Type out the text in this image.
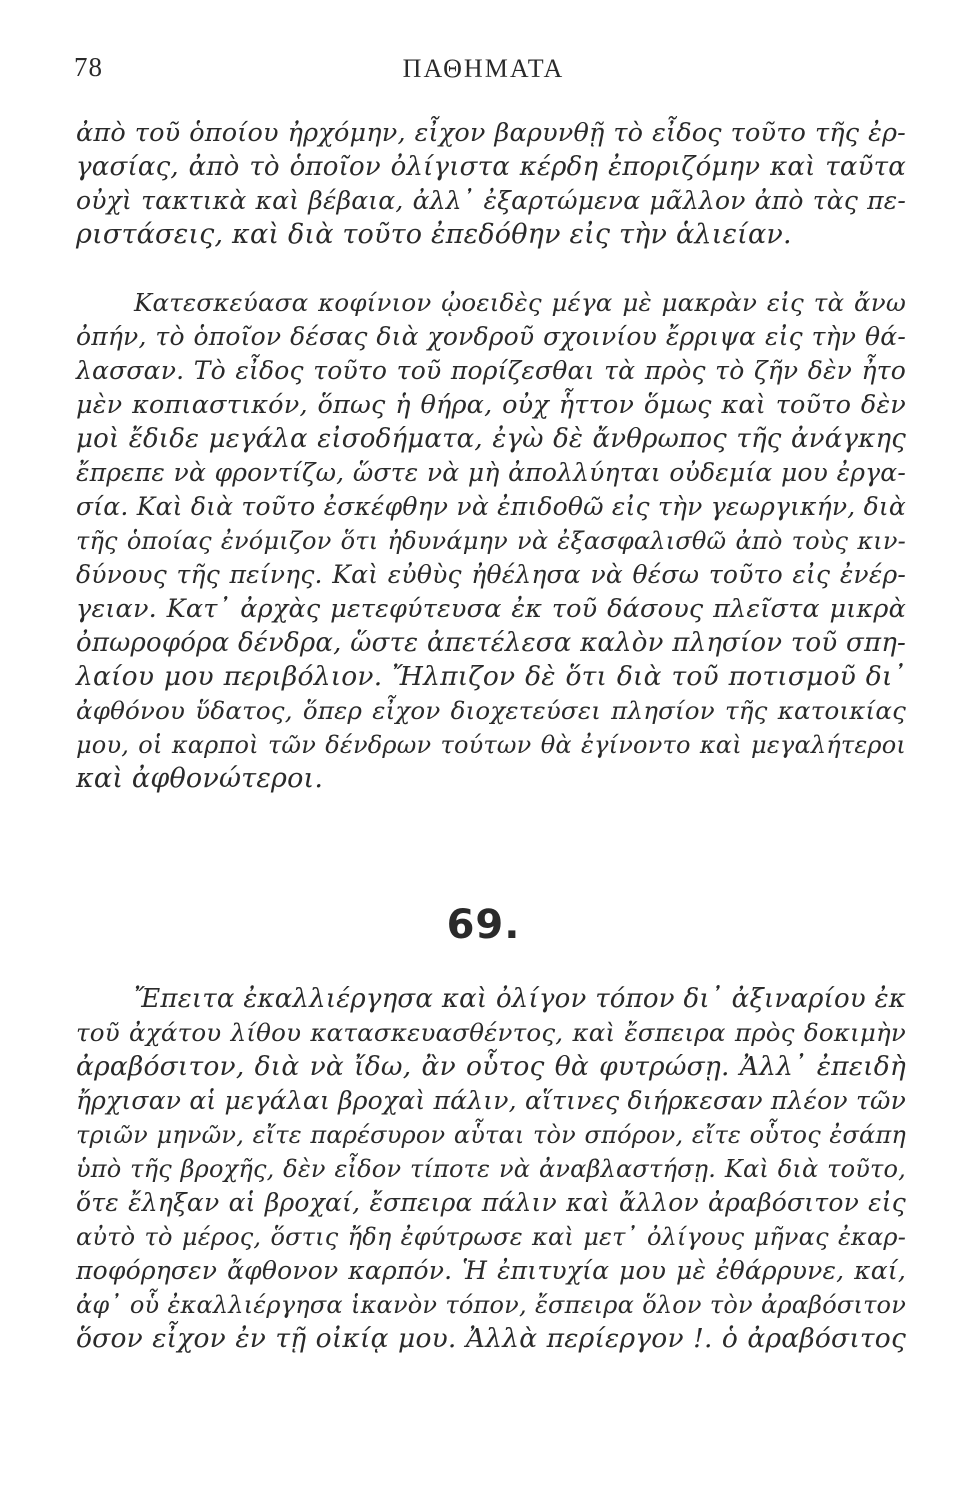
78	ΠΑΘΗΜΑΤΑ
ἀπὸ τοῦ ὁποίου ἠρχόμην, εἶχον βαρυνθῇ τὸ εἶδος τοῦτο τῆς ἐρ-
γασίας, ἀπὸ τὸ ὁποῖον ὀλίγιστα κέρδη ἐποριζόμην καὶ ταῦτα
οὐχὶ τακτικὰ καὶ βέβαια, ἀλλ᾽ ἐξαρτώμενα μᾶλλον ἀπὸ τὰς πε-
ριστάσεις, καὶ διὰ τοῦτο ἐπεδόθην εἰς τὴν ἁλιείαν.
Κατεσκεύασα κοφίνιον ᾠοειδὲς μέγα μὲ μακρὰν εἰς τὰ ἄνω
ὀπήν, τὸ ὁποῖον δέσας διὰ χονδροῦ σχοινίου ἔρριψα εἰς τὴν θά-
λασσαν. Τὸ εἶδος τοῦτο τοῦ πορίζεσθαι τὰ πρὸς τὸ ζῆν δὲν ἦτο
μὲν κοπιαστικόν, ὅπως ἡ θήρα, οὐχ ἧττον ὅμως καὶ τοῦτο δὲν
μοὶ ἔδιδε μεγάλα εἰσοδήματα, ἐγὼ δὲ ἄνθρωπος τῆς ἀνάγκης
ἔπρεπε νὰ φροντίζω, ὥστε νὰ μὴ ἀπολλύηται οὐδεμία μου ἐργα-
σία. Καὶ διὰ τοῦτο ἐσκέφθην νὰ ἐπιδοθῶ εἰς τὴν γεωργικήν, διὰ
τῆς ὁποίας ἐνόμιζον ὅτι ἠδυνάμην νὰ ἐξασφαλισθῶ ἀπὸ τοὺς κιν-
δύνους τῆς πείνης. Καὶ εὐθὺς ἠθέλησα νὰ θέσω τοῦτο εἰς ἐνέρ-
γειαν. Κατ᾽ ἀρχὰς μετεφύτευσα ἐκ τοῦ δάσους πλεῖστα μικρὰ
ὀπωροφόρα δένδρα, ὥστε ἀπετέλεσα καλὸν πλησίον τοῦ σπη-
λαίου μου περιβόλιον. Ἤλπιζον δὲ ὅτι διὰ τοῦ ποτισμοῦ δι᾽
ἀφθόνου ὕδατος, ὅπερ εἶχον διοχετεύσει πλησίον τῆς κατοικίας
μου, οἱ καρποὶ τῶν δένδρων τούτων θὰ ἐγίνοντο καὶ μεγαλήτεροι
καὶ ἀφθονώτεροι.
69.
Ἔπειτα ἐκαλλιέργησα καὶ ὀλίγον τόπον δι᾽ ἀξιναρίου ἐκ
τοῦ ἀχάτου λίθου κατασκευασθέντος, καὶ ἔσπειρα πρὸς δοκιμὴν
ἀραβόσιτον, διὰ νὰ ἴδω, ἂν οὗτος θὰ φυτρώσῃ. Ἀλλ᾽ ἐπειδὴ
ἤρχισαν αἱ μεγάλαι βροχαὶ πάλιν, αἵτινες διήρκεσαν πλέον τῶν
τριῶν μηνῶν, εἴτε παρέσυρον αὗται τὸν σπόρον, εἴτε οὗτος ἐσάπη
ὑπὸ τῆς βροχῆς, δὲν εἶδον τίποτε νὰ ἀναβλαστήσῃ. Καὶ διὰ τοῦτο,
ὅτε ἔληξαν αἱ βροχαί, ἔσπειρα πάλιν καὶ ἄλλον ἀραβόσιτον εἰς
αὐτὸ τὸ μέρος, ὅστις ἤδη ἐφύτρωσε καὶ μετ᾽ ὀλίγους μῆνας ἐκαρ-
ποφόρησεν ἄφθονον καρπόν. Ἡ ἐπιτυχία μου μὲ ἐθάρρυνε, καί,
ἀφ᾽ οὗ ἐκαλλιέργησα ἱκανὸν τόπον, ἔσπειρα ὅλον τὸν ἀραβόσιτον
ὅσον εἶχον ἐν τῇ οἰκίᾳ μου. Ἀλλὰ περίεργον !. ὁ ἀραβόσιτος
